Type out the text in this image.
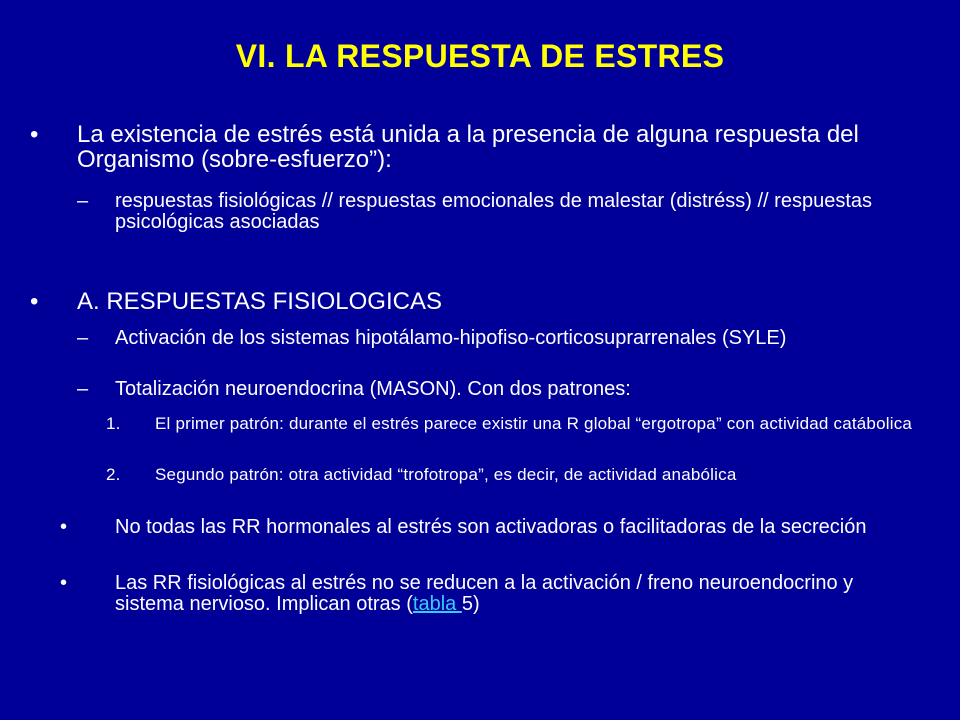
VI. LA RESPUESTA DE ESTRES
• La existencia de estrés está unida a la presencia de alguna respuesta del Organismo (sobre-esfuerzo”):
– respuestas fisiológicas // respuestas emocionales de malestar (distréss) // respuestas psicológicas asociadas
• A. RESPUESTAS FISIOLOGICAS
– Activación de los sistemas hipotálamo-hipofiso-corticosuprarrenales (SYLE)
– Totalización neuroendocrina (MASON). Con dos patrones:
1. El primer patrón: durante el estrés parece existir una R global “ergotropa” con actividad catábolica
2. Segundo patrón: otra actividad “trofotropa”, es decir, de actividad anabólica
• No todas las RR hormonales al estrés son activadoras o facilitadoras de la secreción
• Las RR fisiológicas al estrés no se reducen a la activación / freno neuroendocrino y sistema nervioso. Implican otras (tabla 5)
